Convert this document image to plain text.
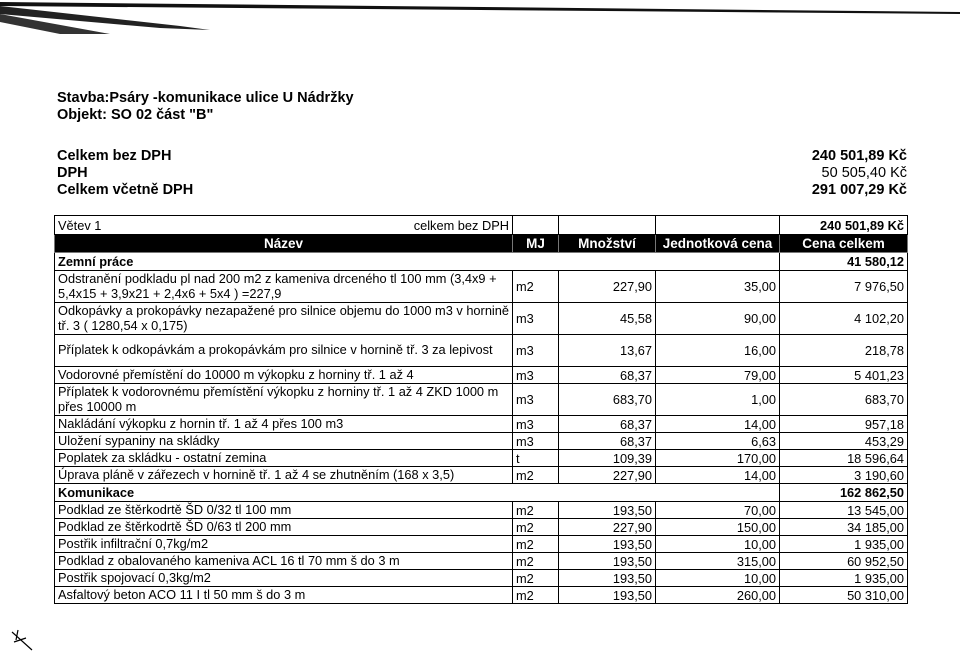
Stavba:Psáry -komunikace ulice U Nádržky
Objekt: SO 02 část "B"
Celkem bez DPH	240 501,89 Kč
DPH	50 505,40 Kč
Celkem včetně DPH	291 007,29 Kč
Větev 1 celkem bez DPH				240 501,89 Kč
Název	MJ	Množství	Jednotková cena	Cena celkem
Zemní práce				41 580,12
Odstranění podkladu pl nad 200 m2 z kameniva drceného tl 100 mm (3,4x9 + 5,4x15 + 3,9x21 + 2,4x6 + 5x4 ) =227,9	m2	227,90	35,00	7 976,50
Odkopávky a prokopávky nezapažené pro silnice objemu do 1000 m3 v hornině tř. 3 ( 1280,54 x 0,175)	m3	45,58	90,00	4 102,20
Příplatek k odkopávkám a prokopávkám pro silnice v hornině tř. 3 za lepivost	m3	13,67	16,00	218,78
Vodorovné přemístění do 10000 m výkopku z horniny tř. 1 až 4	m3	68,37	79,00	5 401,23
Příplatek k vodorovnému přemístění výkopku z horniny tř. 1 až 4 ZKD 1000 m přes 10000 m	m3	683,70	1,00	683,70
Nakládání výkopku z hornin tř. 1 až 4 přes 100 m3	m3	68,37	14,00	957,18
Uložení sypaniny na skládky	m3	68,37	6,63	453,29
Poplatek za skládku - ostatní zemina	t	109,39	170,00	18 596,64
Úprava pláně v zářezech v hornině tř. 1 až 4 se zhutněním (168 x 3,5)	m2	227,90	14,00	3 190,60
Komunikace				162 862,50
Podklad ze štěrkodrtě ŠD 0/32 tl 100 mm	m2	193,50	70,00	13 545,00
Podklad ze štěrkodrtě ŠD 0/63 tl 200 mm	m2	227,90	150,00	34 185,00
Postřik infiltrační 0,7kg/m2	m2	193,50	10,00	1 935,00
Podklad z obalovaného kameniva ACL 16 tl 70 mm š do 3 m	m2	193,50	315,00	60 952,50
Postřik spojovací 0,3kg/m2	m2	193,50	10,00	1 935,00
Asfaltový beton ACO 11 I tl 50 mm š do 3 m	m2	193,50	260,00	50 310,00
